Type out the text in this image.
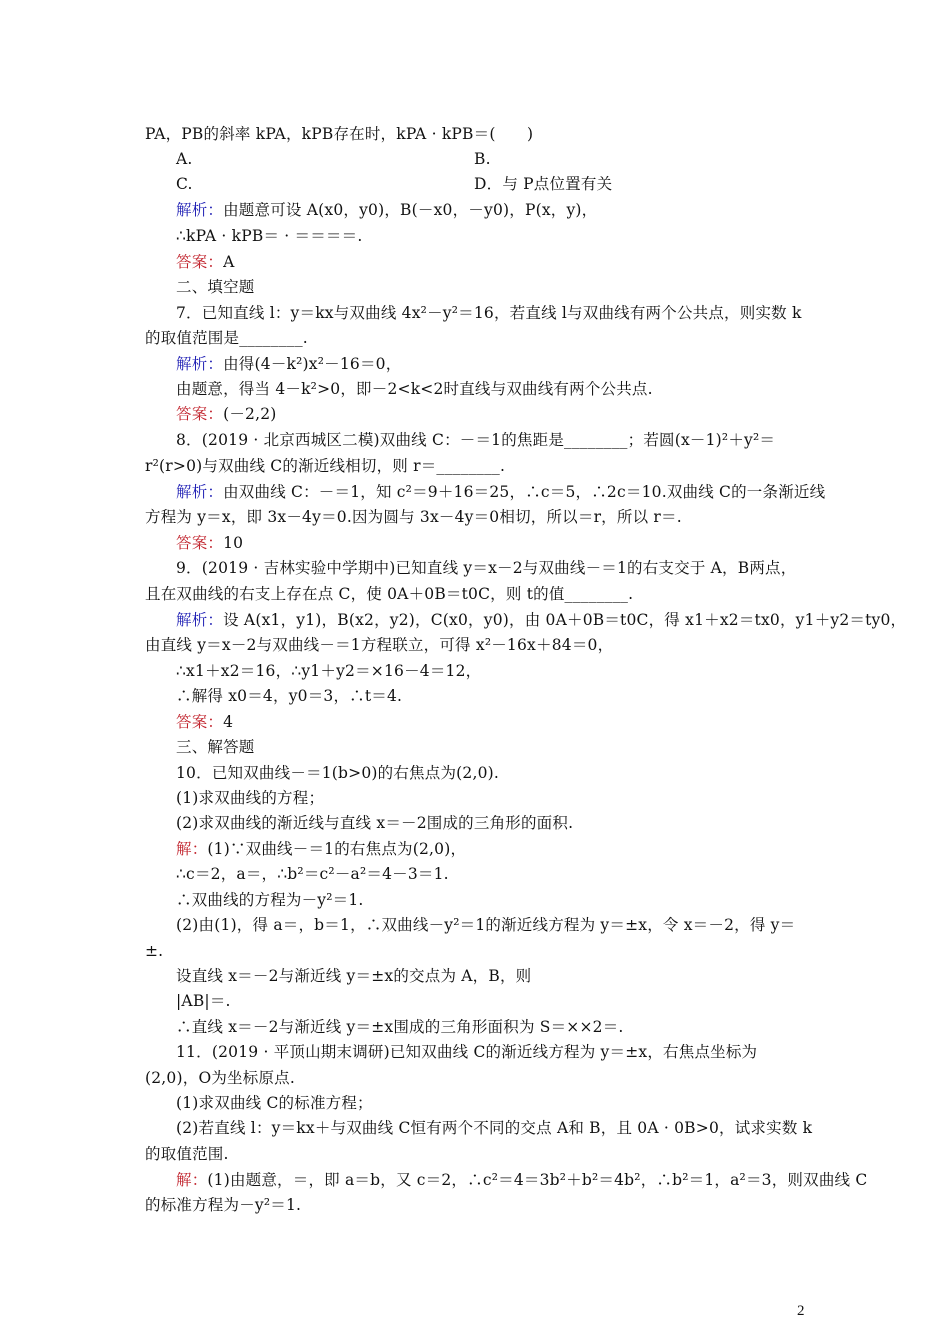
PA，PB的斜率 kPA，kPB存在时，kPA · kPB＝(　　)
A.	B.
C.	D．与 P点位置有关
解析：由题意可设 A(x0，y0)，B(－x0，－y0)，P(x，y)，
∴kPA · kPB＝ · ＝＝＝＝.
答案：A
二、填空题
7．已知直线 l：y＝kx与双曲线 4x²－y²＝16，若直线 l与双曲线有两个公共点，则实数 k
的取值范围是________.
解析：由得(4－k²)x²－16＝0，
由题意，得当 4－k²>0，即－2<k<2时直线与双曲线有两个公共点.
答案：(－2,2)
8．(2019 · 北京西城区二模)双曲线 C：－＝1的焦距是________；若圆(x－1)²＋y²＝
r²(r>0)与双曲线 C的渐近线相切，则 r＝________.
解析：由双曲线 C：－＝1，知 c²＝9＋16＝25，∴c＝5，∴2c＝10.双曲线 C的一条渐近线
方程为 y＝x，即 3x－4y＝0.因为圆与 3x－4y＝0相切，所以＝r，所以 r＝.
答案：10
9．(2019 · 吉林实验中学期中)已知直线 y＝x－2与双曲线－＝1的右支交于 A，B两点，
且在双曲线的右支上存在点 C，使 0A＋0B＝t0C，则 t的值________.
解析：设 A(x1，y1)，B(x2，y2)，C(x0，y0)，由 0A＋0B＝t0C，得 x1＋x2＝tx0，y1＋y2＝ty0，
由直线 y＝x－2与双曲线－＝1方程联立，可得 x²－16x＋84＝0，
∴x1＋x2＝16，∴y1＋y2＝×16－4＝12，
∴解得 x0＝4，y0＝3，∴t＝4.
答案：4
三、解答题
10．已知双曲线－＝1(b>0)的右焦点为(2,0).
(1)求双曲线的方程；
(2)求双曲线的渐近线与直线 x＝－2围成的三角形的面积.
解：(1)∵双曲线－＝1的右焦点为(2,0)，
∴c＝2，a＝，∴b²＝c²－a²＝4－3＝1.
∴双曲线的方程为－y²＝1.
(2)由(1)，得 a＝，b＝1，∴双曲线－y²＝1的渐近线方程为 y＝±x，令 x＝－2，得 y＝
±.
设直线 x＝－2与渐近线 y＝±x的交点为 A，B，则
|AB|＝.
∴直线 x＝－2与渐近线 y＝±x围成的三角形面积为 S＝××2＝.
11．(2019 · 平顶山期末调研)已知双曲线 C的渐近线方程为 y＝±x，右焦点坐标为
(2,0)，O为坐标原点.
(1)求双曲线 C的标准方程；
(2)若直线 l：y＝kx＋与双曲线 C恒有两个不同的交点 A和 B，且 0A · 0B>0，试求实数 k
的取值范围.
解：(1)由题意，＝，即 a＝b，又 c＝2，∴c²＝4＝3b²＋b²＝4b²，∴b²＝1，a²＝3，则双曲线 C
的标准方程为－y²＝1.
2
